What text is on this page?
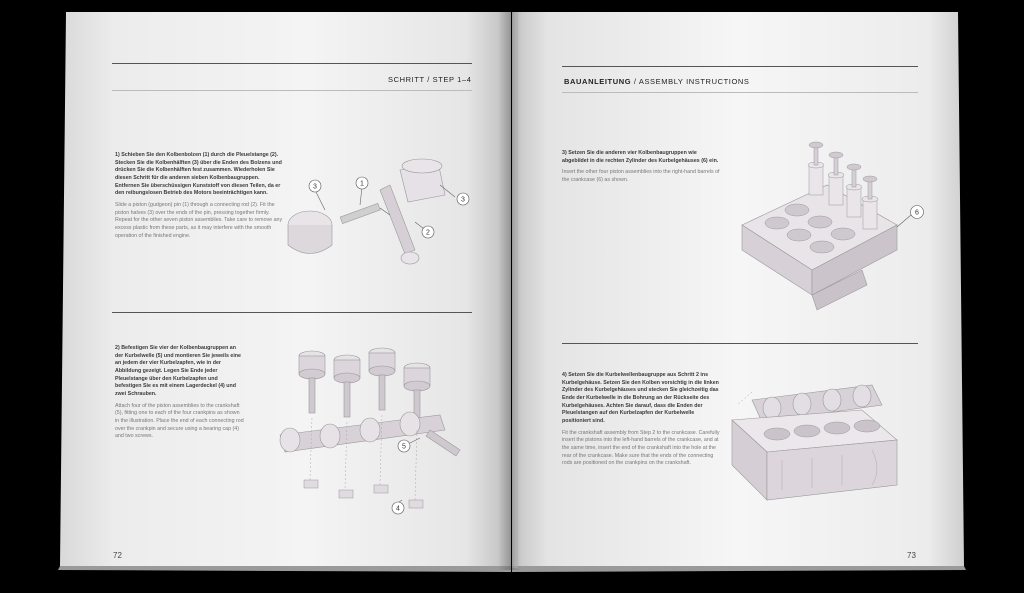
SCHRITT / STEP 1–4
1) Schieben Sie den Kolbenbolzen (1) durch die Pleuelstange (2). Stecken Sie die Kolbenhälften (3) über die Enden des Bolzens und drücken Sie die Kolbenhälften fest zusammen. Wiederholen Sie diesen Schritt für die anderen sieben Kolbenbaugruppen. Entfernen Sie überschüssigen Kunststoff von diesen Teilen, da er den reibungslosen Betrieb des Motors beeinträchtigen kann.
Slide a piston (gudgeon) pin (1) through a connecting rod (2). Fit the piston halves (3) over the ends of the pin, pressing together firmly. Repeat for the other seven piston assemblies. Take care to remove any excess plastic from these parts, as it may interfere with the smooth operation of the finished engine.
3	1
3
2
2) Befestigen Sie vier der Kolbenbaugruppen an der Kurbelwelle (5) und montieren Sie jeweils eine an jedem der vier Kurbelzapfen, wie in der Abbildung gezeigt. Legen Sie Ende jeder Pleuelstange über den Kurbelzapfen und befestigen Sie es mit einem Lagerdeckel (4) und zwei Schrauben.
Attach four of the piston assemblies to the crankshaft (5), fitting one to each of the four crankpins as shown in the illustration. Place the end of each connecting rod over the crankpin and secure using a bearing cap (4) and two screws.
5
4
72
BAUANLEITUNG / ASSEMBLY INSTRUCTIONS
3) Setzen Sie die anderen vier Kolbenbaugruppen wie abgebildet in die rechten Zylinder des Kurbelgehäuses (6) ein.
Insert the other four piston assemblies into the right-hand barrels of the crankcase (6) as shown.
6
4) Setzen Sie die Kurbelwellenbaugruppe aus Schritt 2 ins Kurbelgehäuse. Setzen Sie den Kolben vorsichtig in die linken Zylinder des Kurbelgehäuses und stecken Sie gleichzeitig das Ende der Kurbelwelle in die Bohrung an der Rückseite des Kurbelgehäuses. Achten Sie darauf, dass die Enden der Pleuelstangen auf den Kurbelzapfen der Kurbelwelle positioniert sind.
Fit the crankshaft assembly from Step 2 to the crankcase. Carefully insert the pistons into the left-hand barrels of the crankcase, and at the same time, insert the end of the crankshaft into the hole at the rear of the crankcase. Make sure that the ends of the connecting rods are positioned on the crankpins on the crankshaft.
73
